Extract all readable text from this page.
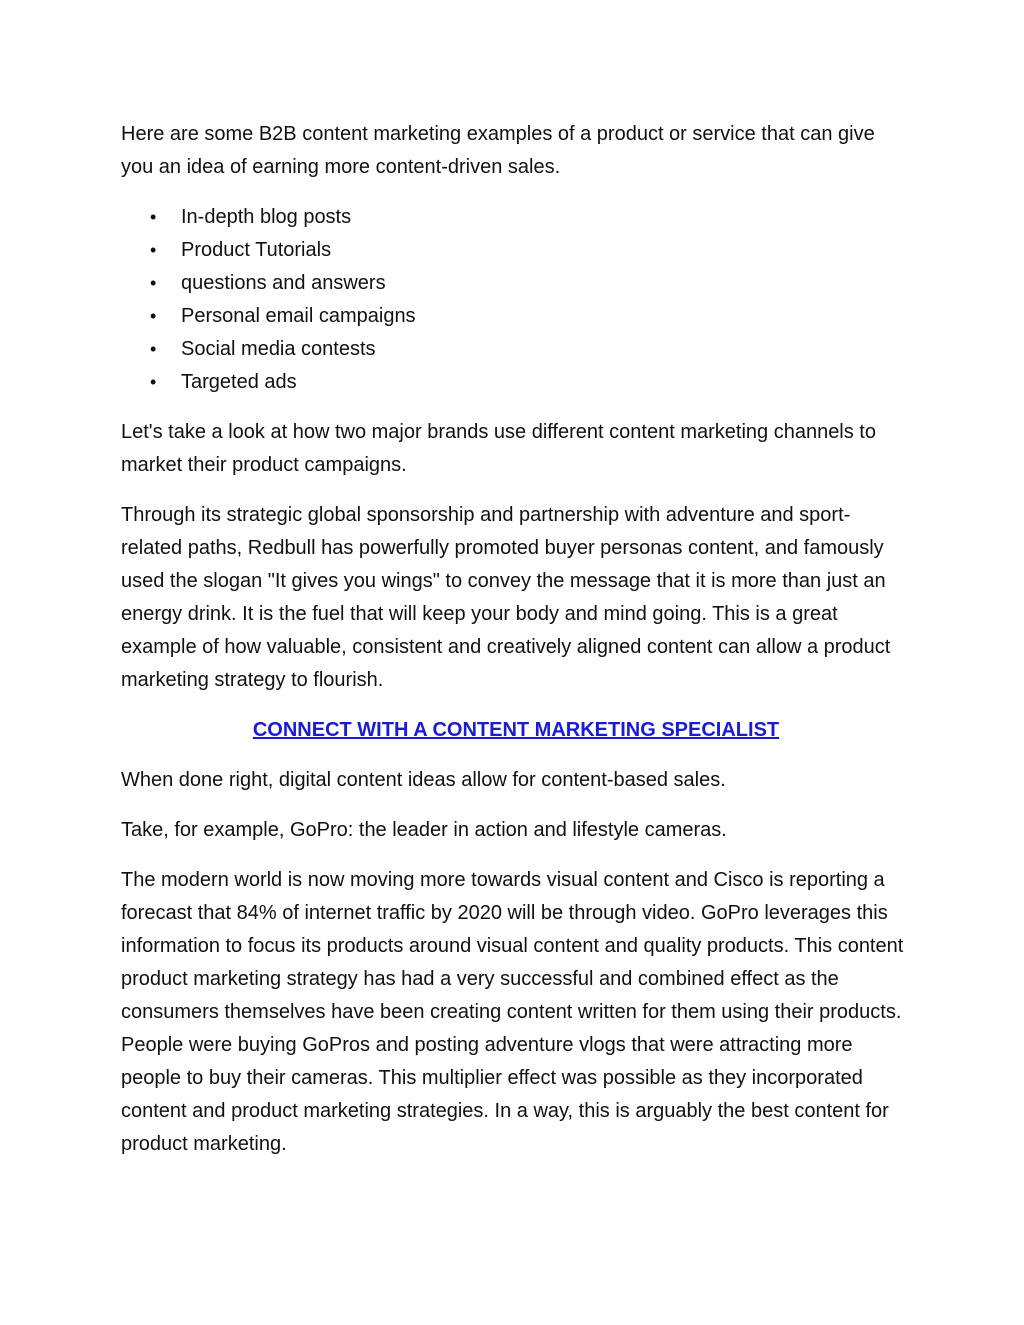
Here are some B2B content marketing examples of a product or service that can give you an idea of earning more content-driven sales.

•	In-depth blog posts
•	Product Tutorials
•	questions and answers
•	Personal email campaigns
•	Social media contests
•	Targeted ads

Let's take a look at how two major brands use different content marketing channels to market their product campaigns.

Through its strategic global sponsorship and partnership with adventure and sport-related paths, Redbull has powerfully promoted buyer personas content, and famously used the slogan "It gives you wings" to convey the message that it is more than just an energy drink. It is the fuel that will keep your body and mind going. This is a great example of how valuable, consistent and creatively aligned content can allow a product marketing strategy to flourish.

CONNECT WITH A CONTENT MARKETING SPECIALIST

When done right, digital content ideas allow for content-based sales.

Take, for example, GoPro: the leader in action and lifestyle cameras.

The modern world is now moving more towards visual content and Cisco is reporting a forecast that 84% of internet traffic by 2020 will be through video. GoPro leverages this information to focus its products around visual content and quality products. This content product marketing strategy has had a very successful and combined effect as the consumers themselves have been creating content written for them using their products. People were buying GoPros and posting adventure vlogs that were attracting more people to buy their cameras. This multiplier effect was possible as they incorporated content and product marketing strategies. In a way, this is arguably the best content for product marketing.
